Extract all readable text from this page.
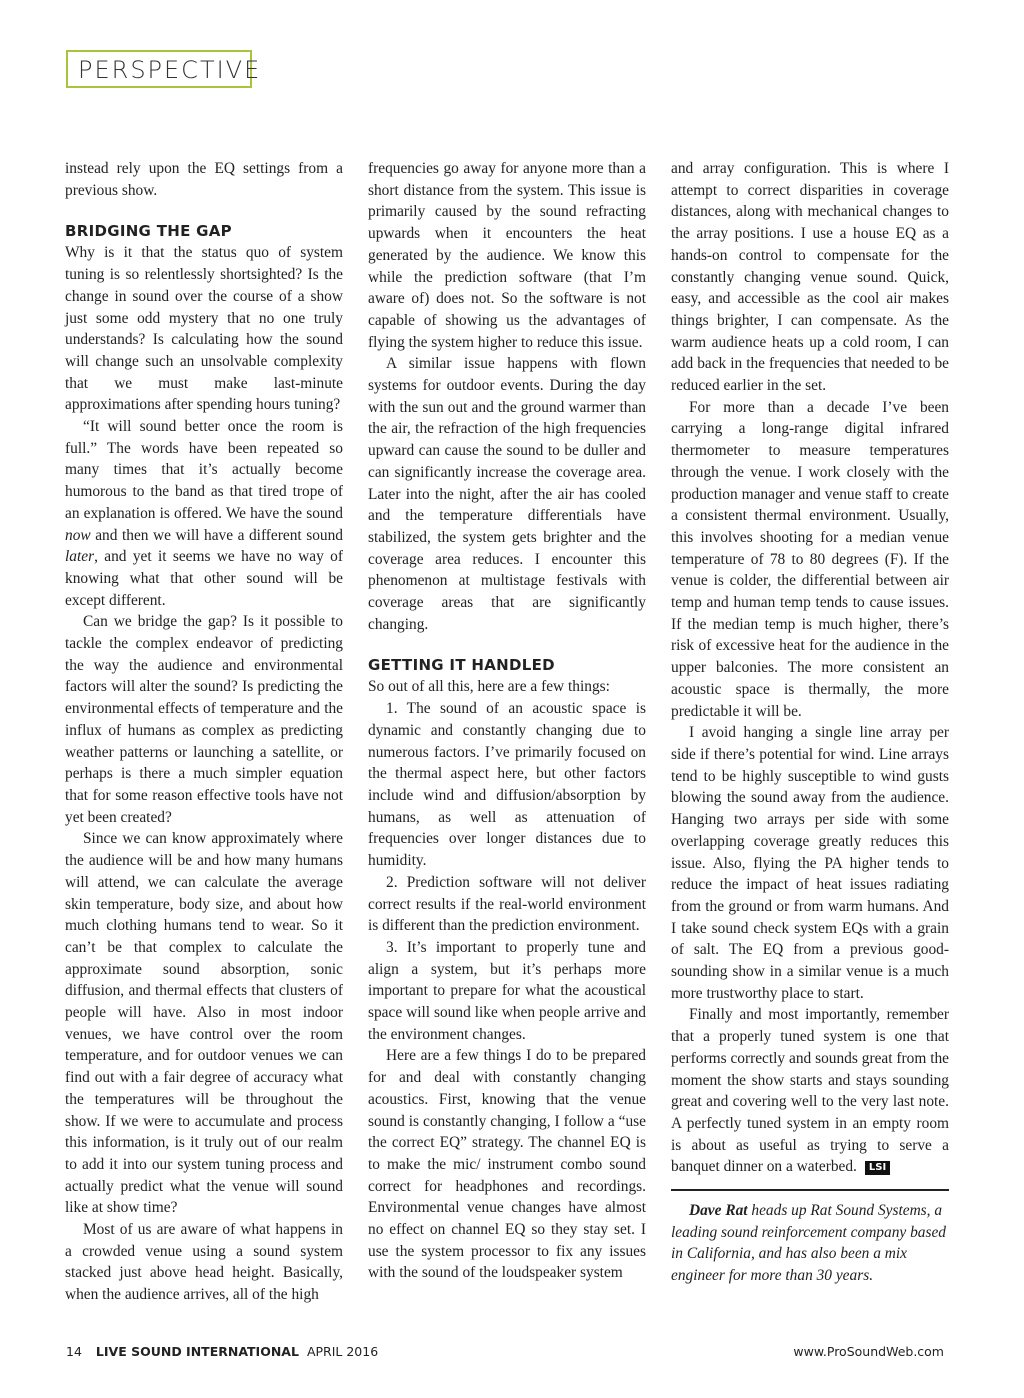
PERSPECTIVE

instead rely upon the EQ settings from a previous show.

BRIDGING THE GAP

Why is it that the status quo of system tuning is so relentlessly shortsighted? Is the change in sound over the course of a show just some odd mystery that no one truly understands? Is calculating how the sound will change such an unsolvable complexity that we must make last-minute approximations after spending hours tuning?

“It will sound better once the room is full.” The words have been repeated so many times that it’s actually become humorous to the band as that tired trope of an explanation is offered. We have the sound now and then we will have a different sound later, and yet it seems we have no way of knowing what that other sound will be except different.

Can we bridge the gap? Is it possible to tackle the complex endeavor of predicting the way the audience and environmental factors will alter the sound? Is predicting the environmental effects of temperature and the influx of humans as complex as predicting weather patterns or launching a satellite, or perhaps is there a much simpler equation that for some reason effective tools have not yet been created?

Since we can know approximately where the audience will be and how many humans will attend, we can calculate the average skin temperature, body size, and about how much clothing humans tend to wear. So it can’t be that complex to calculate the approximate sound absorption, sonic diffusion, and thermal effects that clusters of people will have. Also in most indoor venues, we have control over the room temperature, and for outdoor venues we can find out with a fair degree of accuracy what the temperatures will be throughout the show. If we were to accumulate and process this information, is it truly out of our realm to add it into our system tuning process and actually predict what the venue will sound like at show time?

Most of us are aware of what happens in a crowded venue using a sound system stacked just above head height. Basically, when the audience arrives, all of the high

frequencies go away for anyone more than a short distance from the system. This issue is primarily caused by the sound refracting upwards when it encounters the heat generated by the audience. We know this while the prediction software (that I’m aware of) does not. So the software is not capable of showing us the advantages of flying the system higher to reduce this issue.

A similar issue happens with flown systems for outdoor events. During the day with the sun out and the ground warmer than the air, the refraction of the high frequencies upward can cause the sound to be duller and can significantly increase the coverage area. Later into the night, after the air has cooled and the temperature differentials have stabilized, the system gets brighter and the coverage area reduces. I encounter this phenomenon at multistage festivals with coverage areas that are significantly changing.

GETTING IT HANDLED

So out of all this, here are a few things:

1. The sound of an acoustic space is dynamic and constantly changing due to numerous factors. I’ve primarily focused on the thermal aspect here, but other factors include wind and diffusion/absorption by humans, as well as attenuation of frequencies over longer distances due to humidity.

2. Prediction software will not deliver correct results if the real-world environment is different than the prediction environment.

3. It’s important to properly tune and align a system, but it’s perhaps more important to prepare for what the acoustical space will sound like when people arrive and the environment changes.

Here are a few things I do to be prepared for and deal with constantly changing acoustics. First, knowing that the venue sound is constantly changing, I follow a “use the correct EQ” strategy. The channel EQ is to make the mic/ instrument combo sound correct for headphones and recordings. Environmental venue changes have almost no effect on channel EQ so they stay set. I use the system processor to fix any issues with the sound of the loudspeaker system

and array configuration. This is where I attempt to correct disparities in coverage distances, along with mechanical changes to the array positions. I use a house EQ as a hands-on control to compensate for the constantly changing venue sound. Quick, easy, and accessible as the cool air makes things brighter, I can compensate. As the warm audience heats up a cold room, I can add back in the frequencies that needed to be reduced earlier in the set.

For more than a decade I’ve been carrying a long-range digital infrared thermometer to measure temperatures through the venue. I work closely with the production manager and venue staff to create a consistent thermal environment. Usually, this involves shooting for a median venue temperature of 78 to 80 degrees (F). If the venue is colder, the differential between air temp and human temp tends to cause issues. If the median temp is much higher, there’s risk of excessive heat for the audience in the upper balconies. The more consistent an acoustic space is thermally, the more predictable it will be.

I avoid hanging a single line array per side if there’s potential for wind. Line arrays tend to be highly susceptible to wind gusts blowing the sound away from the audience. Hanging two arrays per side with some overlapping coverage greatly reduces this issue. Also, flying the PA higher tends to reduce the impact of heat issues radiating from the ground or from warm humans. And I take sound check system EQs with a grain of salt. The EQ from a previous good-sounding show in a similar venue is a much more trustworthy place to start.

Finally and most importantly, remember that a properly tuned system is one that performs correctly and sounds great from the moment the show starts and stays sounding great and covering well to the very last note. A perfectly tuned system in an empty room is about as useful as trying to serve a banquet dinner on a waterbed. LSI

Dave Rat heads up Rat Sound Systems, a leading sound reinforcement company based in California, and has also been a mix engineer for more than 30 years.

14 LIVE SOUND INTERNATIONAL APRIL 2016	www.ProSoundWeb.com
